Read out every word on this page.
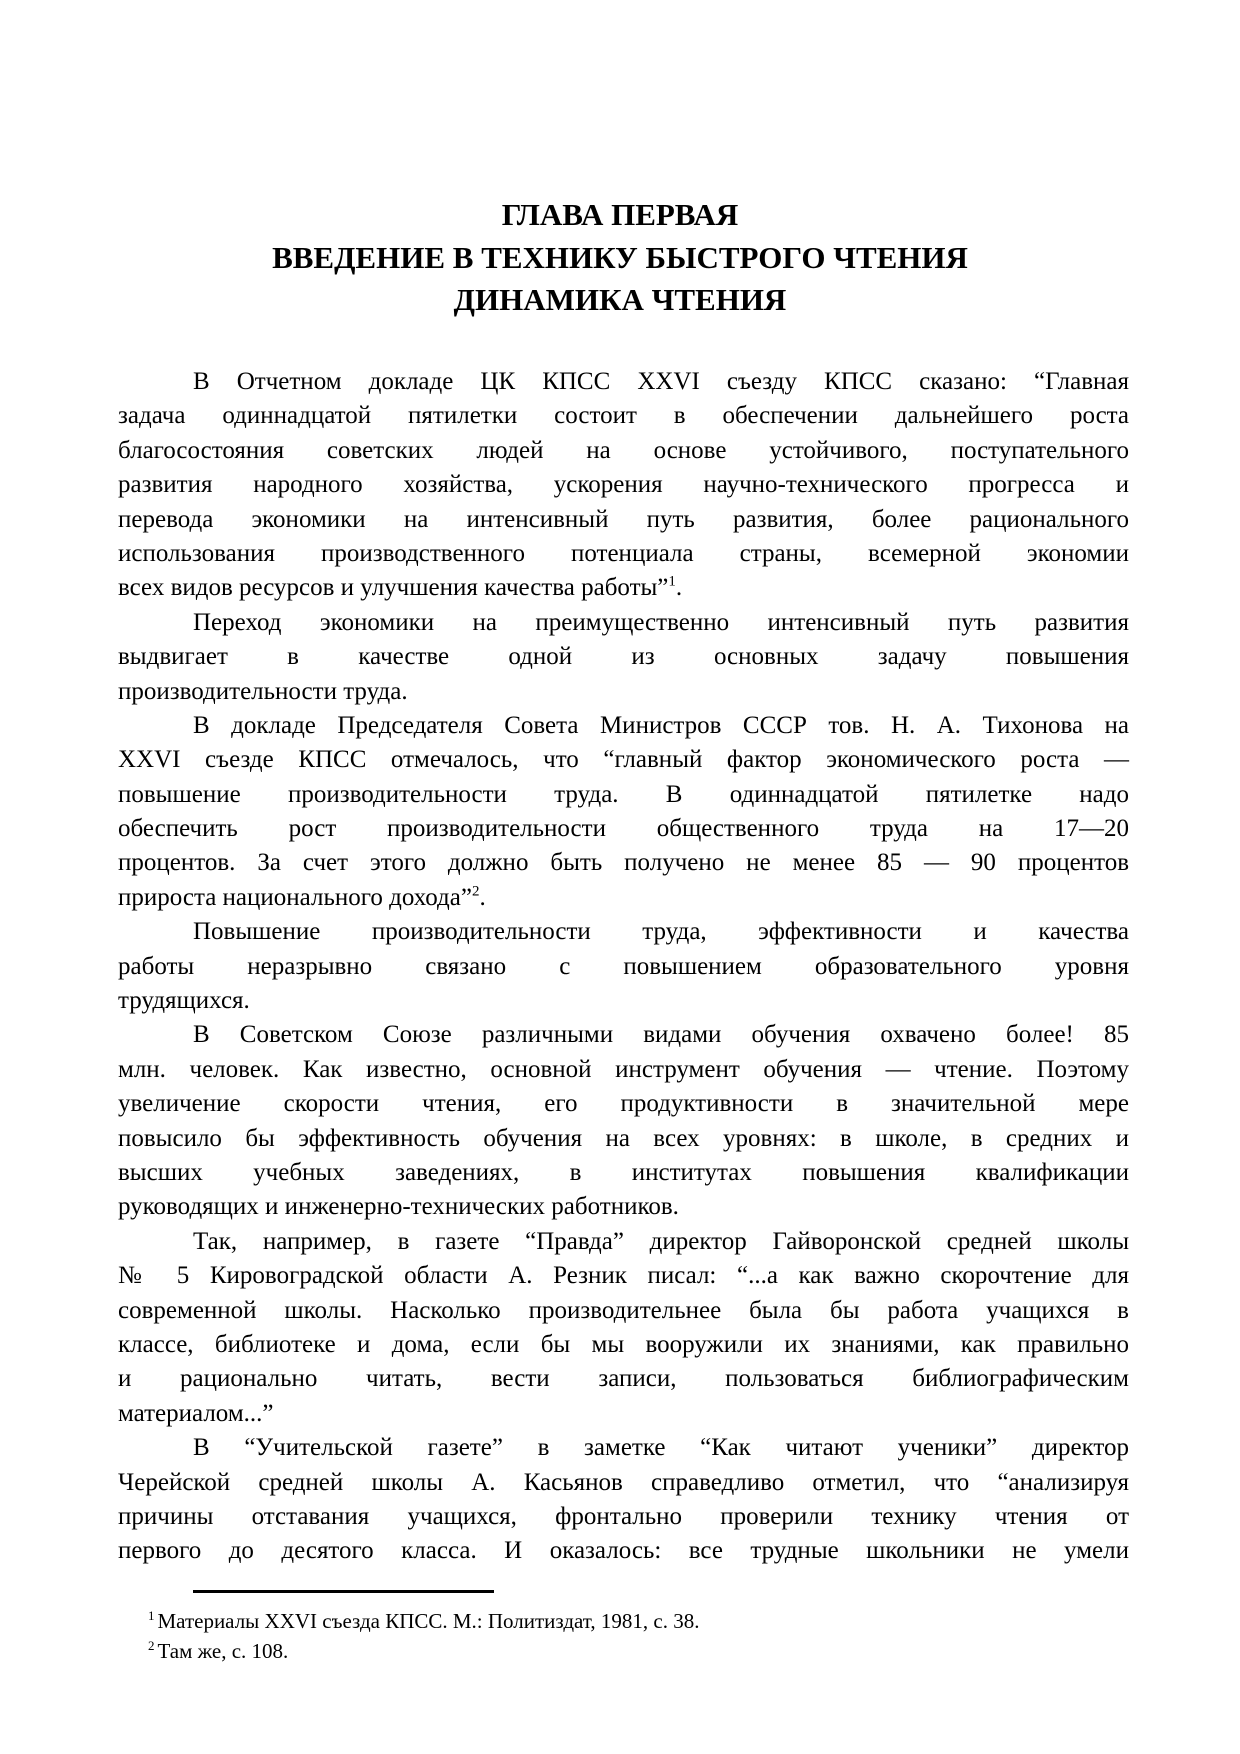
ГЛАВА ПЕРВАЯ
ВВЕДЕНИЕ В ТЕХНИКУ БЫСТРОГО ЧТЕНИЯ
ДИНАМИКА ЧТЕНИЯ
В Отчетном докладе ЦК КПСС XXVI съезду КПСС сказано: “Главная
задача одиннадцатой пятилетки состоит в обеспечении дальнейшего роста
благосостояния советских людей на основе устойчивого, поступательного
развития народного хозяйства, ускорения научно-технического прогресса и
перевода экономики на интенсивный путь развития, более рационального
использования производственного потенциала страны, всемерной экономии
всех видов ресурсов и улучшения качества работы”$^1$.
Переход экономики на преимущественно интенсивный путь развития
выдвигает в качестве одной из основных задачу повышения
производительности труда.
В докладе Председателя Совета Министров СССР тов. Н. А. Тихонова на
XXVI съезде КПСС отмечалось, что “главный фактор экономического роста —
повышение производительности труда. В одиннадцатой пятилетке надо
обеспечить рост производительности общественного труда на 17—20
процентов. За счет этого должно быть получено не менее 85 — 90 процентов
прироста национального дохода”$^2$.
Повышение производительности труда, эффективности и качества
работы неразрывно связано с повышением образовательного уровня
трудящихся.
В Советском Союзе различными видами обучения охвачено более! 85
млн. человек. Как известно, основной инструмент обучения — чтение. Поэтому
увеличение скорости чтения, его продуктивности в значительной мере
повысило бы эффективность обучения на всех уровнях: в школе, в средних и
высших учебных заведениях, в институтах повышения квалификации
руководящих и инженерно-технических работников.
Так, например, в газете “Правда” директор Гайворонской средней школы
№ 5 Кировоградской области А. Резник писал: “...а как важно скорочтение для
современной школы. Насколько производительнее была бы работа учащихся в
классе, библиотеке и дома, если бы мы вооружили их знаниями, как правильно
и рационально читать, вести записи, пользоваться библиографическим
материалом...”
В “Учительской газете” в заметке “Как читают ученики” директор
Черейской средней школы А. Касьянов справедливо отметил, что “анализируя
причины отставания учащихся, фронтально проверили технику чтения от
первого до десятого класса. И оказалось: все трудные школьники не умели
$^1$ Материалы XXVI съезда КПСС. М.: Политиздат, 1981, с. 38.
$^2$ Там же, с. 108.
